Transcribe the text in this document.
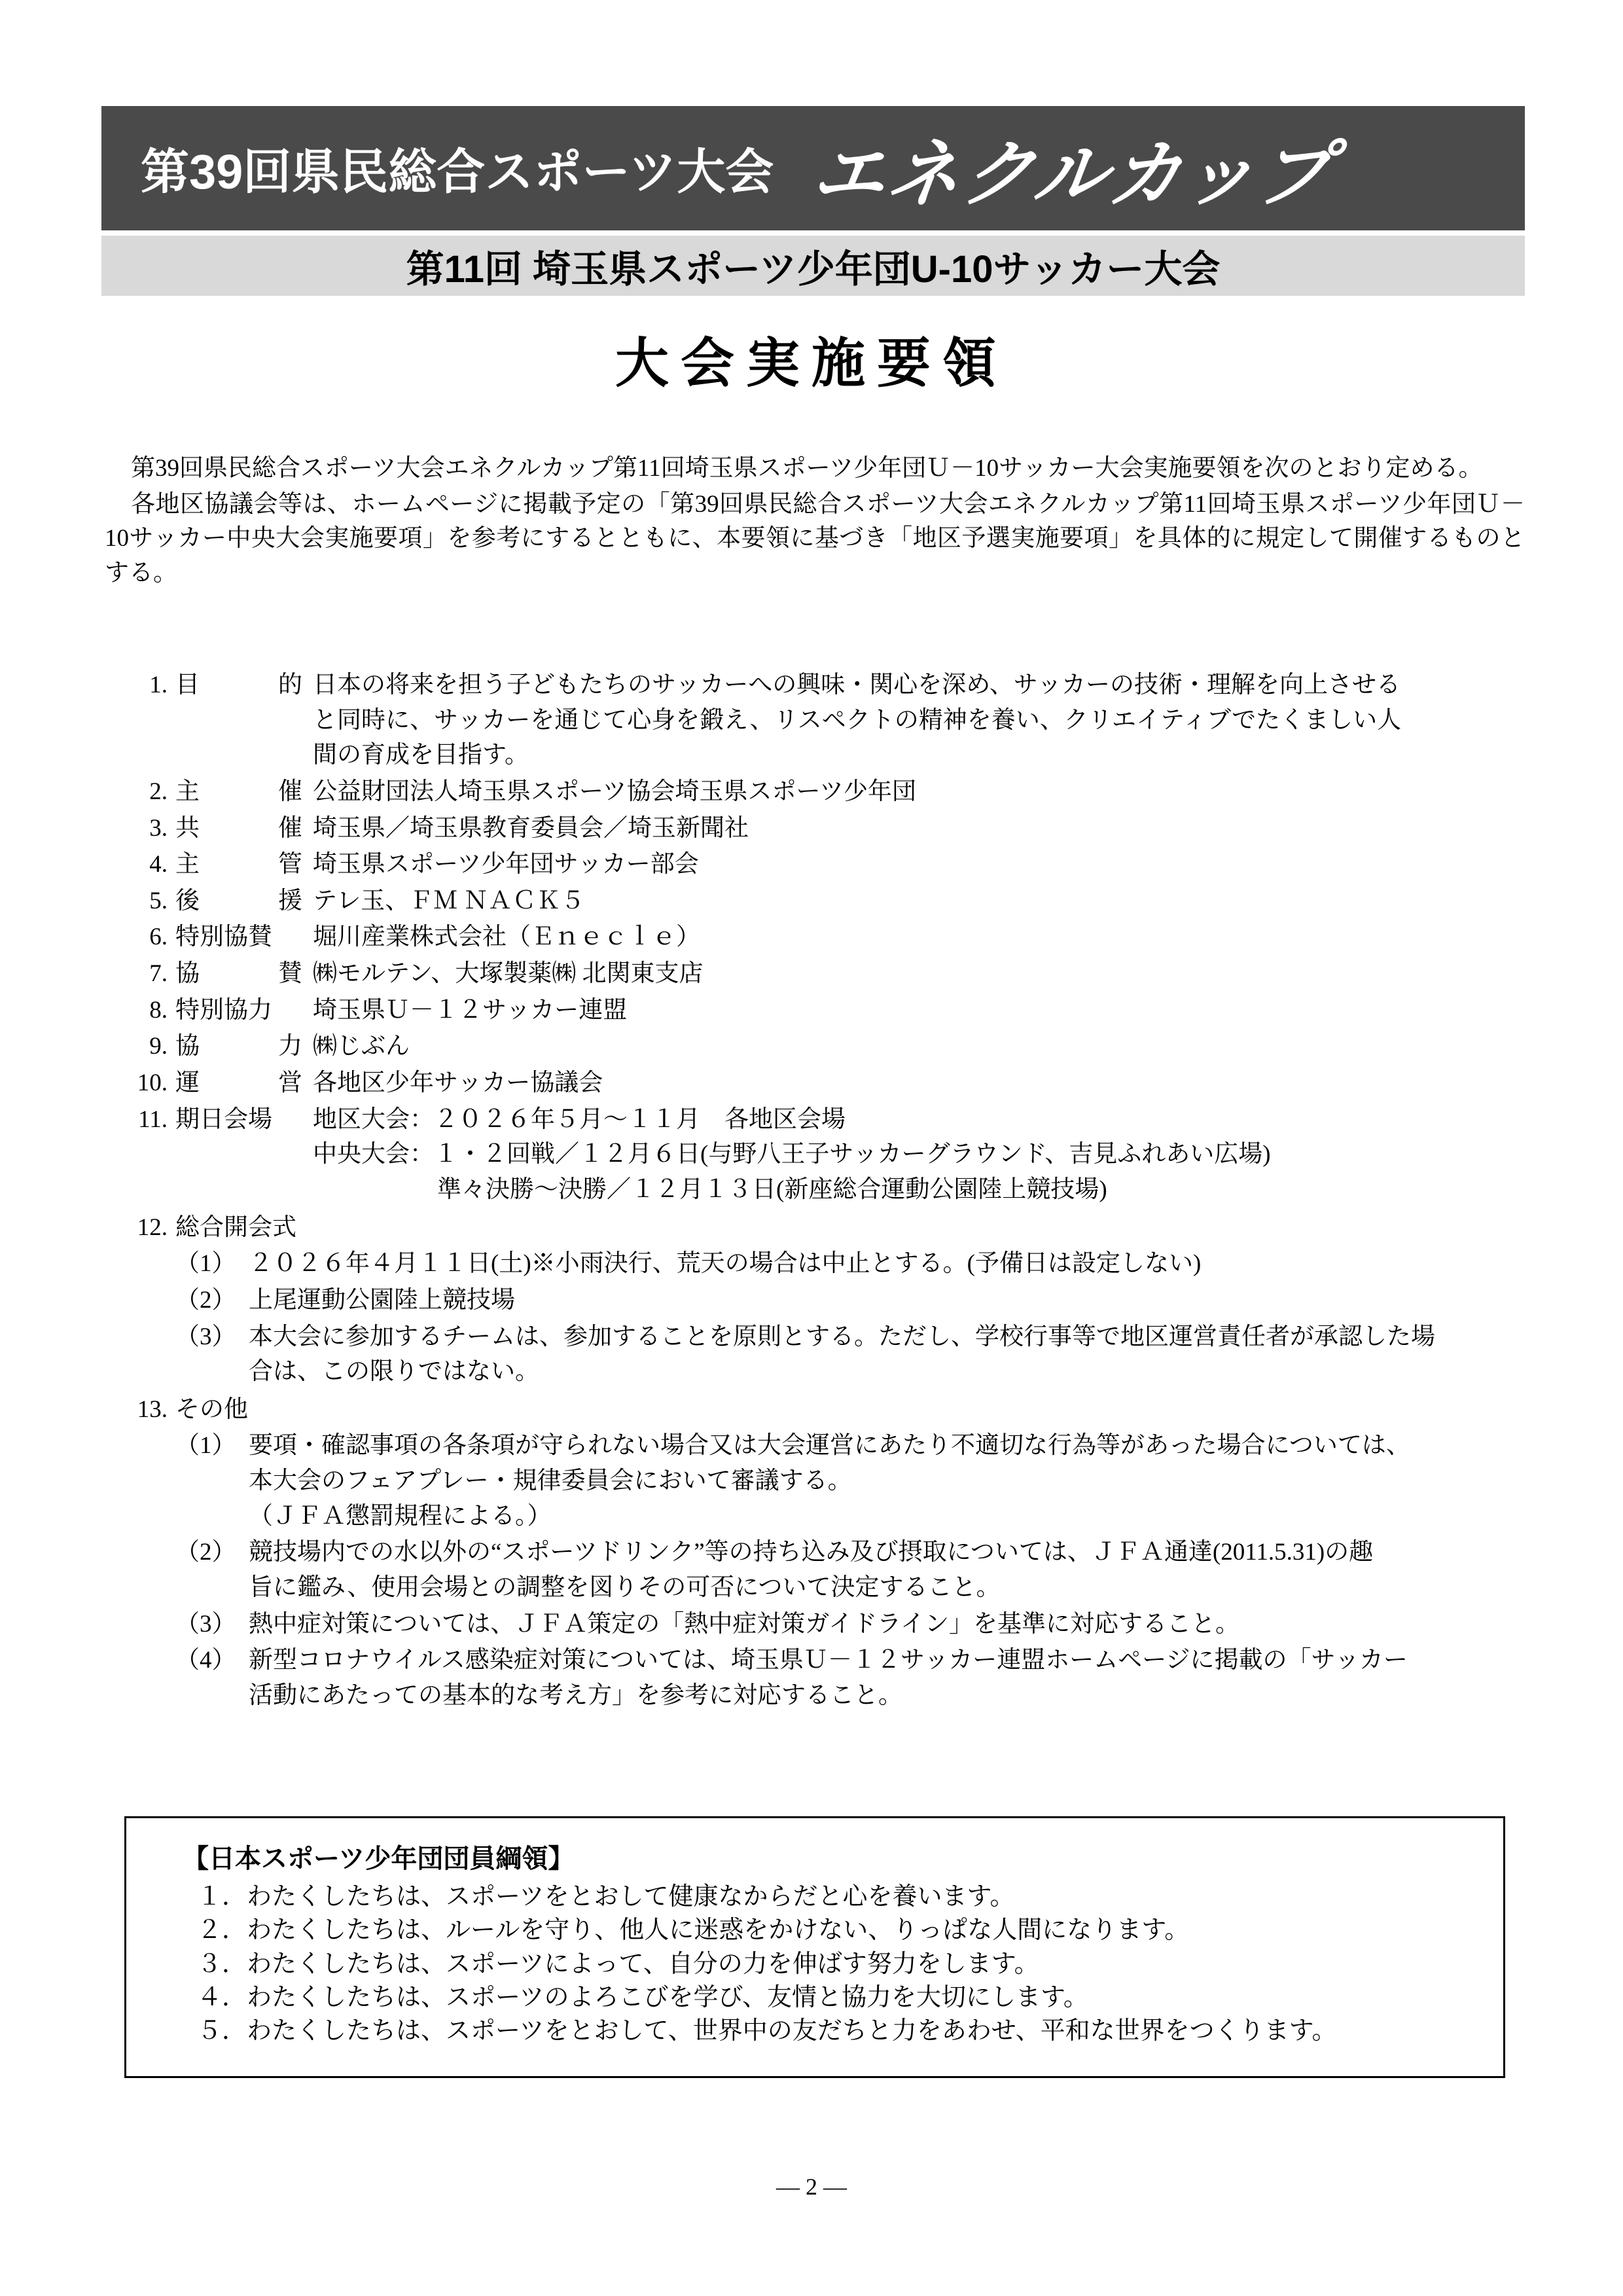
第39回県民総合スポーツ大会 エネクルカップ
第11回 埼玉県スポーツ少年団U-10サッカー大会
大会実施要領

第39回県民総合スポーツ大会エネクルカップ第11回埼玉県スポーツ少年団Ｕ－10サッカー大会実施要領を次のとおり定める。

各地区協議会等は、ホームページに掲載予定の「第39回県民総合スポーツ大会エネクルカップ第11回埼玉県スポーツ少年団Ｕ－10サッカー中央大会実施要項」を参考にするとともに、本要領に基づき「地区予選実施要項」を具体的に規定して開催するものとする。

1. 目	的 日本の将来を担う子どもたちのサッカーへの興味・関心を深め、サッカーの技術・理解を向上させる
と同時に、サッカーを通じて心身を鍛え、リスペクトの精神を養い、クリエイティブでたくましい人
間の育成を目指す。
2. 主	催 公益財団法人埼玉県スポーツ協会埼玉県スポーツ少年団
3. 共	催 埼玉県／埼玉県教育委員会／埼玉新聞社
4. 主	管 埼玉県スポーツ少年団サッカー部会
5. 後	援 テレ玉、ＦＭ ＮＡＣＫ５
6. 特別協賛	堀川産業株式会社（Ｅｎｅｃｌｅ）
7. 協	賛 ㈱モルテン、大塚製薬㈱ 北関東支店
8. 特別協力	埼玉県Ｕ－１２サッカー連盟
9. 協	力 ㈱じぶん
10. 運	営 各地区少年サッカー協議会
11. 期日会場	地区大会：２０２６年５月〜１１月　各地区会場
中央大会：１・２回戦／１２月６日(与野八王子サッカーグラウンド、吉見ふれあい広場)
準々決勝〜決勝／１２月１３日(新座総合運動公園陸上競技場)
12. 総合開会式
（1） ２０２６年４月１１日(土)※小雨決行、荒天の場合は中止とする。(予備日は設定しない)
（2） 上尾運動公園陸上競技場
（3） 本大会に参加するチームは、参加することを原則とする。ただし、学校行事等で地区運営責任者が承認した場
合は、この限りではない。
13. その他
（1） 要項・確認事項の各条項が守られない場合又は大会運営にあたり不適切な行為等があった場合については、
本大会のフェアプレー・規律委員会において審議する。
（ＪＦＡ懲罰規程による。）
（2） 競技場内での水以外の“スポーツドリンク”等の持ち込み及び摂取については、ＪＦＡ通達(2011.5.31)の趣
旨に鑑み、使用会場との調整を図りその可否について決定すること。
（3） 熱中症対策については、ＪＦＡ策定の「熱中症対策ガイドライン」を基準に対応すること。
（4） 新型コロナウイルス感染症対策については、埼玉県Ｕ－１２サッカー連盟ホームページに掲載の「サッカー
活動にあたっての基本的な考え方」を参考に対応すること。
【日本スポーツ少年団団員綱領】
１．わたくしたちは、スポーツをとおして健康なからだと心を養います。
２．わたくしたちは、ルールを守り、他人に迷惑をかけない、りっぱな人間になります。
３．わたくしたちは、スポーツによって、自分の力を伸ばす努力をします。
４．わたくしたちは、スポーツのよろこびを学び、友情と協力を大切にします。
５．わたくしたちは、スポーツをとおして、世界中の友だちと力をあわせ、平和な世界をつくります。
― 2 ―
